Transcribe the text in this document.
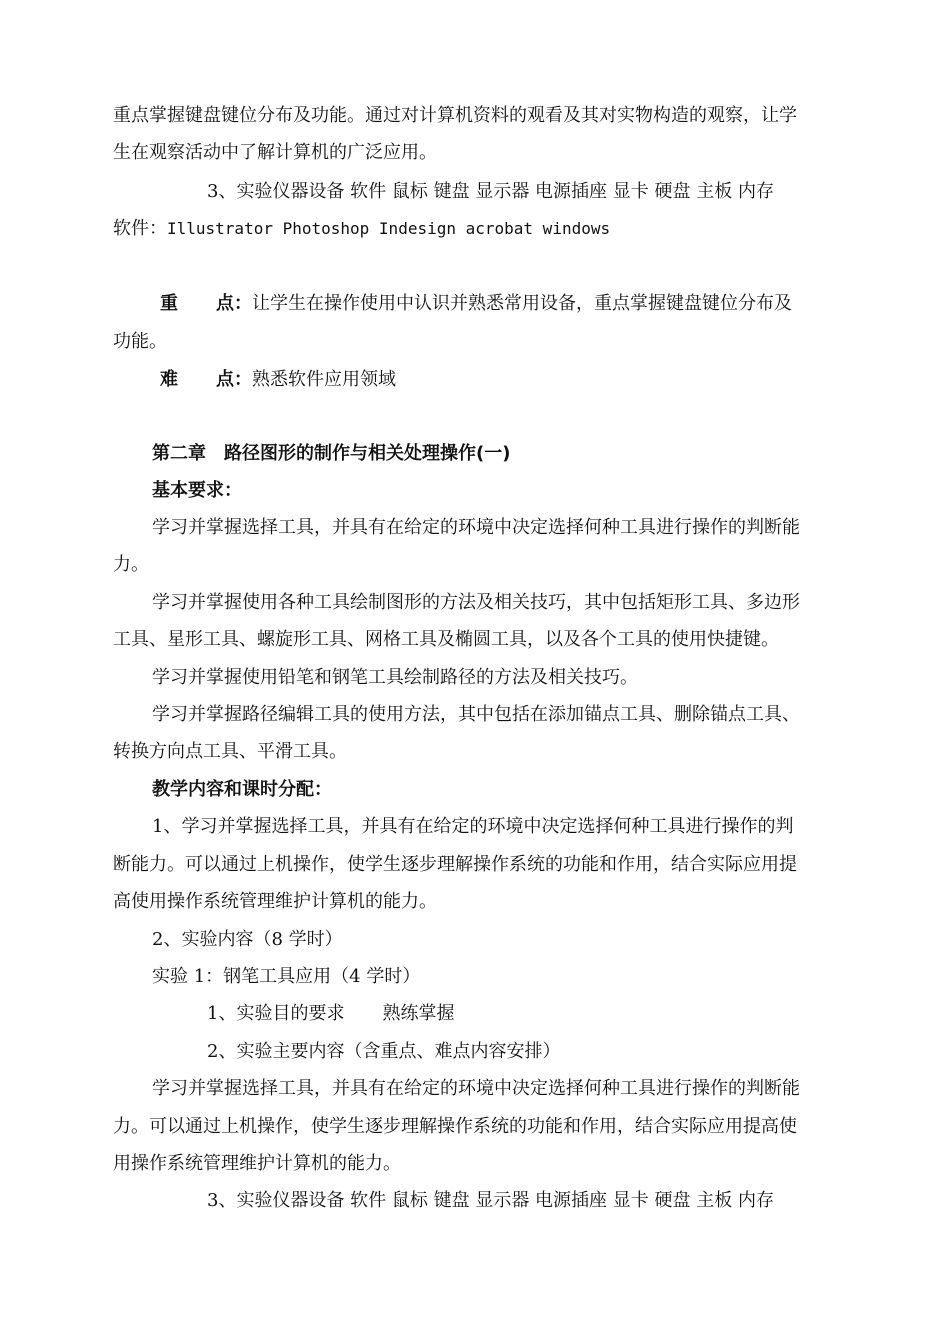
重点掌握键盘键位分布及功能。通过对计算机资料的观看及其对实物构造的观察，让学

生在观察活动中了解计算机的广泛应用。

3、实验仪器设备 软件 鼠标 键盘 显示器 电源插座 显卡 硬盘 主板 内存

软件：Illustrator Photoshop Indesign acrobat windows

重 点：让学生在操作使用中认识并熟悉常用设备，重点掌握键盘键位分布及

功能。

难 点：熟悉软件应用领域

第二章　路径图形的制作与相关处理操作(一)

基本要求：

学习并掌握选择工具，并具有在给定的环境中决定选择何种工具进行操作的判断能

力。

学习并掌握使用各种工具绘制图形的方法及相关技巧，其中包括矩形工具、多边形

工具、星形工具、螺旋形工具、网格工具及椭圆工具，以及各个工具的使用快捷键。

学习并掌握使用铅笔和钢笔工具绘制路径的方法及相关技巧。

学习并掌握路径编辑工具的使用方法，其中包括在添加锚点工具、删除锚点工具、

转换方向点工具、平滑工具。

教学内容和课时分配：

1、学习并掌握选择工具，并具有在给定的环境中决定选择何种工具进行操作的判

断能力。可以通过上机操作，使学生逐步理解操作系统的功能和作用，结合实际应用提

高使用操作系统管理维护计算机的能力。

2、实验内容（8 学时）

实验 1：钢笔工具应用（4 学时）

1、实验目的要求 熟练掌握

2、实验主要内容（含重点、难点内容安排）

学习并掌握选择工具，并具有在给定的环境中决定选择何种工具进行操作的判断能

力。可以通过上机操作，使学生逐步理解操作系统的功能和作用，结合实际应用提高使

用操作系统管理维护计算机的能力。

3、实验仪器设备 软件 鼠标 键盘 显示器 电源插座 显卡 硬盘 主板 内存
